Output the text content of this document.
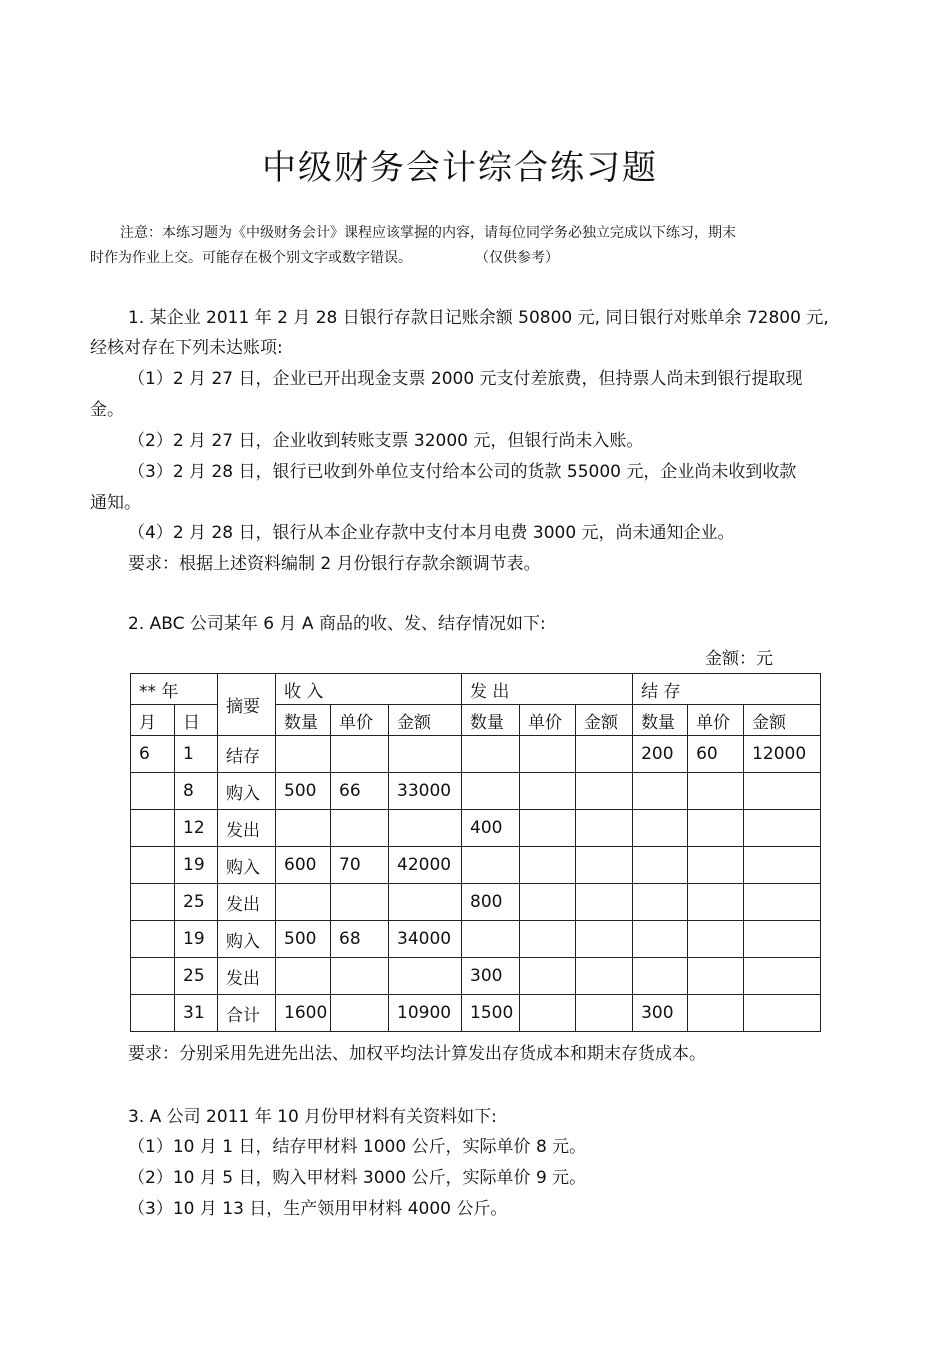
中级财务会计综合练习题
注意：本练习题为《中级财务会计》课程应该掌握的内容，请每位同学务必独立完成以下练习，期末
时作为作业上交。可能存在极个别文字或数字错误。	（仅供参考）
1. 某企业 2011 年 2 月 28 日银行存款日记账余额 50800 元, 同日银行对账单余 72800 元,
经核对存在下列未达账项:
（1）2 月 27 日，企业已开出现金支票 2000 元支付差旅费，但持票人尚未到银行提取现
金。
（2）2 月 27 日，企业收到转账支票 32000 元，但银行尚未入账。
（3）2 月 28 日，银行已收到外单位支付给本公司的货款 55000 元，企业尚未收到收款
通知。
（4）2 月 28 日，银行从本企业存款中支付本月电费 3000 元，尚未通知企业。
要求：根据上述资料编制 2 月份银行存款余额调节表。
2. ABC 公司某年 6 月 A 商品的收、发、结存情况如下:
金额：元
** 年		摘要	收 入			发 出			结 存		
月	日		数量	单价	金额	数量	单价	金额	数量	单价	金额
6	1	结存							200	60	12000
	8	购入	500	66	33000						
	12	发出				400					
	19	购入	600	70	42000						
	25	发出				800					
	19	购入	500	68	34000						
	25	发出				300					
	31	合计	1600		10900	1500			300		
要求：分别采用先进先出法、加权平均法计算发出存货成本和期末存货成本。
3. A 公司 2011 年 10 月份甲材料有关资料如下:
（1）10 月 1 日，结存甲材料 1000 公斤，实际单价 8 元。
（2）10 月 5 日，购入甲材料 3000 公斤，实际单价 9 元。
（3）10 月 13 日，生产领用甲材料 4000 公斤。
